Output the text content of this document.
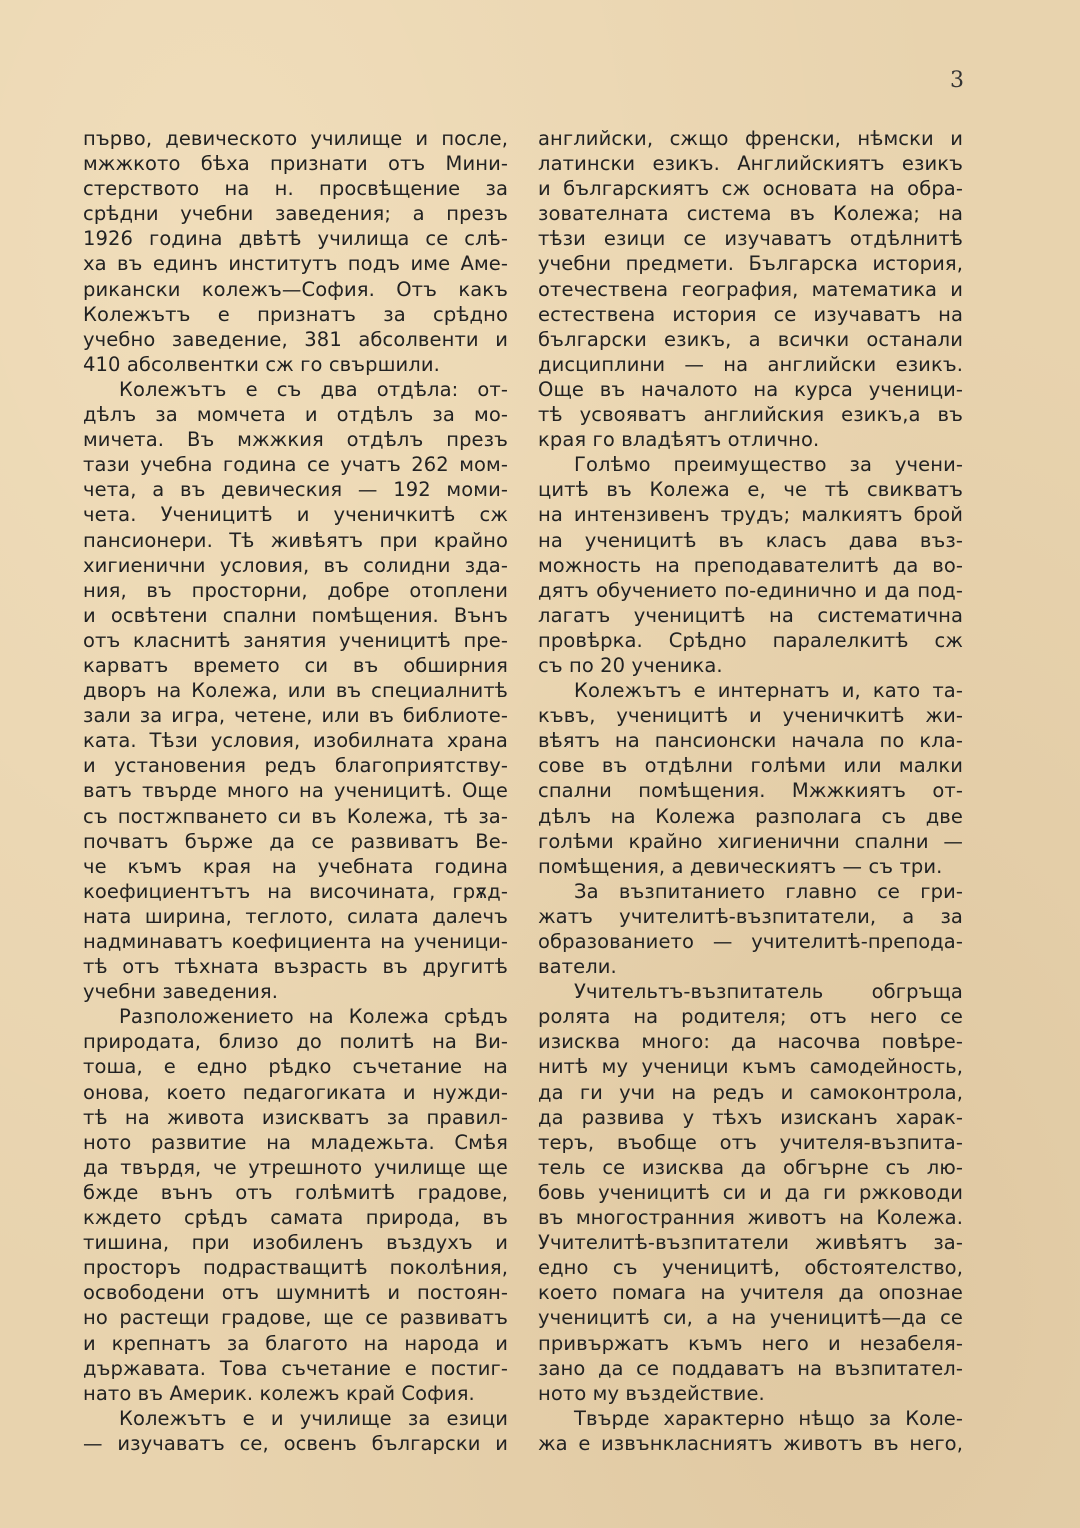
3
първо, девическото училище и после,
мжжкото бѣха признати отъ Мини-
стерството на н. просвѣщение за
срѣдни учебни заведения; а презъ
1926 година двѣтѣ училища се слѣ-
ха въ единъ институтъ подъ име Аме-
рикански колежъ—София. Отъ какъ
Колежътъ е признатъ за срѣдно
учебно заведение, 381 абсолвенти и
410 абсолвентки сж го свършили.
Колежътъ е съ два отдѣла: от-
дѣлъ за момчета и отдѣлъ за мо-
мичета. Въ мжжкия отдѣлъ презъ
тази учебна година се учатъ 262 мом-
чета, а въ девическия — 192 моми-
чета. Ученицитѣ и ученичкитѣ сж
пансионери. Тѣ живѣятъ при крайно
хигиенични условия, въ солидни зда-
ния, въ просторни, добре отоплени
и освѣтени спални помѣщения. Вънъ
отъ класнитѣ занятия ученицитѣ пре-
карватъ времето си въ обширния
дворъ на Колежа, или въ специалнитѣ
зали за игра, четене, или въ библиоте-
ката. Тѣзи условия, изобилната храна
и установения редъ благоприятству-
ватъ твърде много на ученицитѣ. Още
съ постжпването си въ Колежа, тѣ за-
почватъ бърже да се развиватъ Ве-
че къмъ края на учебната година
коефициентътъ на височината, грѫд-
ната ширина, теглото, силата далечъ
надминаватъ коефициента на ученици-
тѣ отъ тѣхната възрасть въ другитѣ
учебни заведения.
Разположението на Колежа срѣдъ
природата, близо до политѣ на Ви-
тоша, е едно рѣдко съчетание на
онова, което педагогиката и нужди-
тѣ на живота изискватъ за правил-
ното развитие на младежьта. Смѣя
да твърдя, че утрешното училище ще
бжде вънъ отъ голѣмитѣ градове,
кждето срѣдъ самата природа, въ
тишина, при изобиленъ въздухъ и
просторъ подрастващитѣ поколѣния,
освободени отъ шумнитѣ и постоян-
но растещи градове, ще се развиватъ
и крепнатъ за благото на народа и
държавата. Това съчетание е постиг-
нато въ Америк. колежъ край София.
Колежътъ е и училище за езици
— изучаватъ се, освенъ български и
английски, сжщо френски, нѣмски и
латински езикъ. Английскиятъ езикъ
и българскиятъ сж основата на обра-
зователната система въ Колежа; на
тѣзи езици се изучаватъ отдѣлнитѣ
учебни предмети. Българска история,
отечествена география, математика и
естествена история се изучаватъ на
български езикъ, а всички останали
дисциплини — на английски езикъ.
Още въ началото на курса ученици-
тѣ усвояватъ английския езикъ,а въ
края го владѣятъ отлично.
Голѣмо преимущество за учени-
цитѣ въ Колежа е, че тѣ свикватъ
на интензивенъ трудъ; малкиятъ брой
на ученицитѣ въ класъ дава въз-
можность на преподавателитѣ да во-
дятъ обучението по-единично и да под-
лагатъ ученицитѣ на систематична
провѣрка. Срѣдно паралелкитѣ сж
съ по 20 ученика.
Колежътъ е интернатъ и, като та-
къвъ, ученицитѣ и ученичкитѣ жи-
вѣятъ на пансионски начала по кла-
сове въ отдѣлни голѣми или малки
спални помѣщения. Мжжкиятъ от-
дѣлъ на Колежа разполага съ две
голѣми крайно хигиенични спални —
помѣщения, а девическиятъ — съ три.
За възпитанието главно се гри-
жатъ учителитѣ-възпитатели, а за
образованието — учителитѣ-препода-
ватели.
Учительтъ-възпитатель обгръща
ролята на родителя; отъ него се
изисква много: да насочва повѣре-
нитѣ му ученици къмъ самодейность,
да ги учи на редъ и самоконтрола,
да развива у тѣхъ изисканъ харак-
теръ, въобще отъ учителя-възпита-
тель се изисква да обгърне съ лю-
бовь ученицитѣ си и да ги ржководи
въ многостранния животъ на Колежа.
Учителитѣ-възпитатели живѣятъ за-
едно съ ученицитѣ, обстоятелство,
което помага на учителя да опознае
ученицитѣ си, а на ученицитѣ—да се
привържатъ къмъ него и незабеля-
зано да се поддаватъ на възпитател-
ното му въздействие.
Твърде характерно нѣщо за Коле-
жа е извънкласниятъ животъ въ него,
